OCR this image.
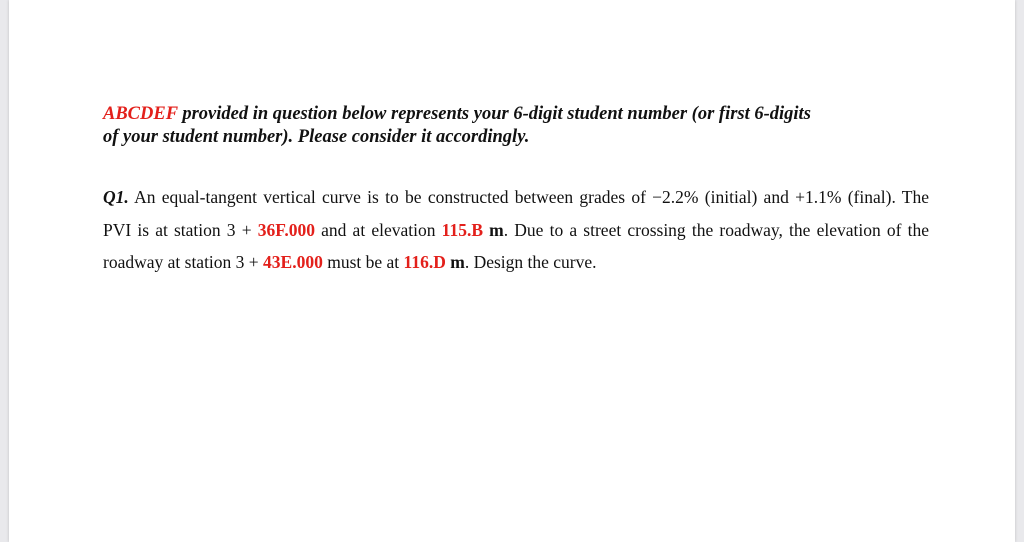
ABCDEF provided in question below represents your 6-digit student number (or first 6-digits
of your student number). Please consider it accordingly.
Q1. An equal-tangent vertical curve is to be constructed between grades of −2.2% (initial) and +1.1% (final). The PVI is at station 3 + 36F.000 and at elevation 115.B m. Due to a street crossing the roadway, the elevation of the roadway at station 3 + 43E.000 must be at 116.D m. Design the curve.
